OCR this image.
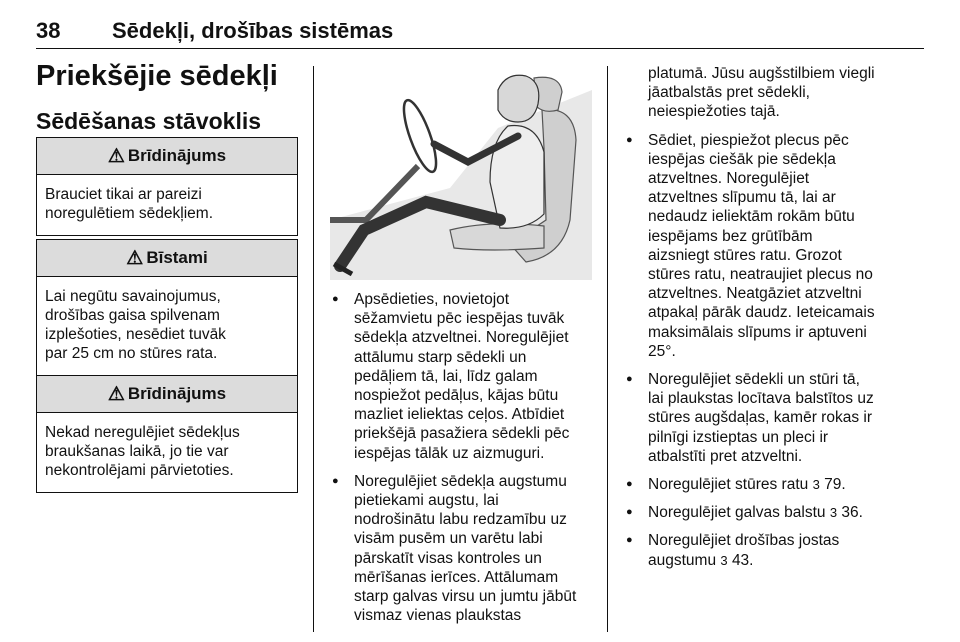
38 Sēdekļi, drošības sistēmas
Priekšējie sēdekļi
Sēdēšanas stāvoklis
⚠ Brīdinājums
Brauciet tikai ar pareizi
noregulētiem sēdekļiem.
⚠ Bīstami
Lai negūtu savainojumus,
drošības gaisa spilvenam
izplešoties, nesēdiet tuvāk
par 25 cm no stūres rata.
⚠ Brīdinājums
Nekad neregulējiet sēdekļus
braukšanas laikā, jo tie var
nekontrolējami pārvietoties.
● Apsēdieties, novietojot
sēžamvietu pēc iespējas tuvāk
sēdekļa atzveltnei. Noregulējiet
attālumu starp sēdekli un
pedāļiem tā, lai, līdz galam
nospiežot pedāļus, kājas būtu
mazliet ieliektas ceļos. Atbīdiet
priekšējā pasažiera sēdekli pēc
iespējas tālāk uz aizmuguri.
● Noregulējiet sēdekļa augstumu
pietiekami augstu, lai
nodrošinātu labu redzamību uz
visām pusēm un varētu labi
pārskatīt visas kontroles un
mērīšanas ierīces. Attālumam
starp galvas virsu un jumtu jābūt
vismaz vienas plaukstas
platumā. Jūsu augšstilbiem viegli
jāatbalstās pret sēdekli,
neiespiežoties tajā.
● Sēdiet, piespiežot plecus pēc
iespējas ciešāk pie sēdekļa
atzveltnes. Noregulējiet
atzveltnes slīpumu tā, lai ar
nedaudz ieliektām rokām būtu
iespējams bez grūtībām
aizsniegt stūres ratu. Grozot
stūres ratu, neatraujiet plecus no
atzveltnes. Neatgāziet atzveltni
atpakaļ pārāk daudz. Ieteicamais
maksimālais slīpums ir aptuveni
25°.
● Noregulējiet sēdekli un stūri tā,
lai plaukstas locītava balstītos uz
stūres augšdaļas, kamēr rokas ir
pilnīgi izstieptas un pleci ir
atbalstīti pret atzveltni.
● Noregulējiet stūres ratu 3 79.
● Noregulējiet galvas balstu 3 36.
● Noregulējiet drošības jostas
augstumu 3 43.
